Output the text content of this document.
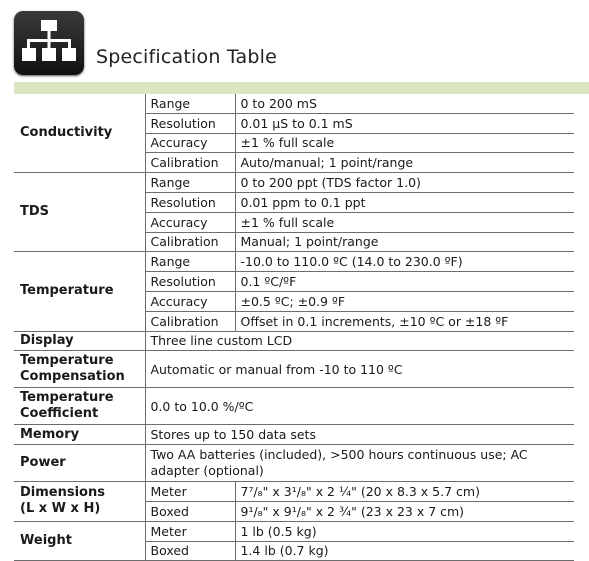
Specification Table
Conductivity	Range	0 to 200 mS
	Resolution	0.01 µS to 0.1 mS
	Accuracy	±1 % full scale
	Calibration	Auto/manual; 1 point/range
TDS	Range	0 to 200 ppt (TDS factor 1.0)
	Resolution	0.01 ppm to 0.1 ppt
	Accuracy	±1 % full scale
	Calibration	Manual; 1 point/range
Temperature	Range	-10.0 to 110.0 ºC (14.0 to 230.0 ºF)
	Resolution	0.1 ºC/ºF
	Accuracy	±0.5 ºC; ±0.9 ºF
	Calibration	Offset in 0.1 increments, ±10 ºC or ±18 ºF
Display	Three line custom LCD	
Temperature Compensation	Automatic or manual from -10 to 110 ºC	
Temperature Coefficient	0.0 to 10.0 %/ºC	
Memory	Stores up to 150 data sets	
Power	Two AA batteries (included), >500 hours continuous use; AC adapter (optional)	

Dimensions
(L x W x H)	Meter	7⁷/₈" x 3¹/₈" x 2 ¼" (20 x 8.3 x 5.7 cm)
	Boxed	9¹/₈" x 9¹/₈" x 2 ¾" (23 x 23 x 7 cm)
Weight	Meter	1 lb (0.5 kg)
	Boxed	1.4 lb (0.7 kg)
